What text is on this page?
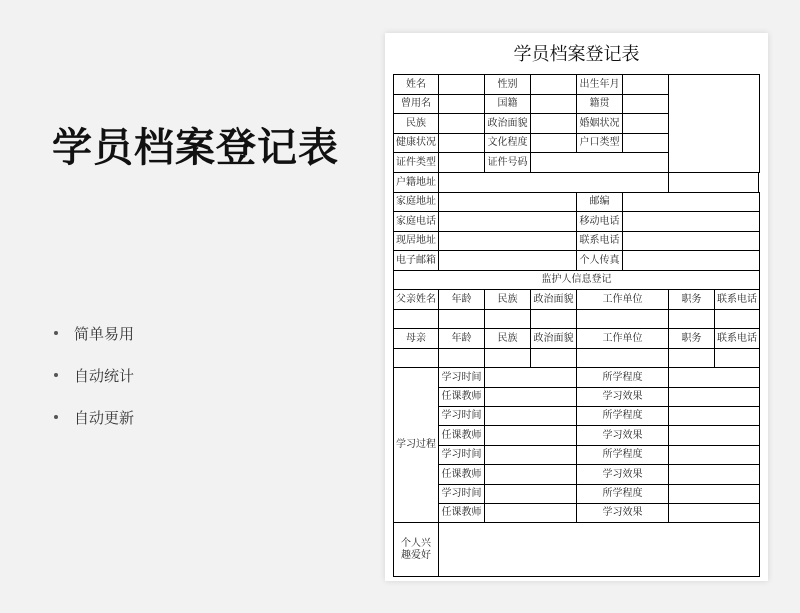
学员档案登记表
简单易用
自动统计
自动更新
学员档案登记表
姓名	性别	出生年月
曾用名	国籍	籍贯
民族	政治面貌	婚姻状况
健康状况	文化程度	户口类型
证件类型	证件号码
户籍地址
家庭地址	邮编
家庭电话	移动电话
现居地址	联系电话
电子邮箱	个人传真
监护人信息登记
父亲姓名	年龄	民族	政治面貌	工作单位	职务	联系电话
母亲	年龄	民族	政治面貌	工作单位	职务	联系电话
学习过程
学习时间	所学程度
任课教师	学习效果
学习时间	所学程度
任课教师	学习效果
学习时间	所学程度
任课教师	学习效果
学习时间	所学程度
任课教师	学习效果
个人兴趣爱好
